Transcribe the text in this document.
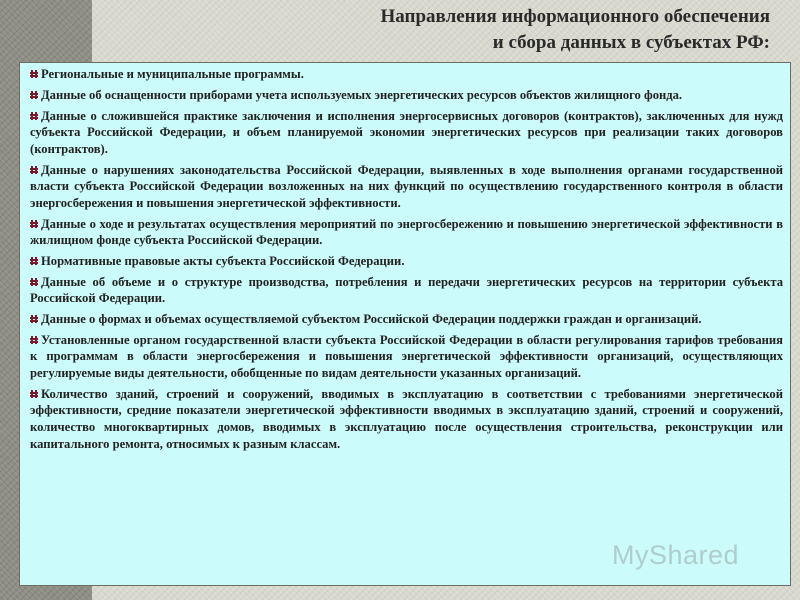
Направления информационного обеспечения
и сбора данных в субъектах РФ:

Региональные и муниципальные программы.

Данные об оснащенности приборами учета используемых энергетических ресурсов объектов жилищного фонда.

Данные о сложившейся практике заключения и исполнения энергосервисных договоров (контрактов), заключенных для нужд субъекта Российской Федерации, и объем планируемой экономии энергетических ресурсов при реализации таких договоров (контрактов).

Данные о нарушениях законодательства Российской Федерации, выявленных в ходе выполнения органами государственной власти субъекта Российской Федерации возложенных на них функций по осуществлению государственного контроля в области энергосбережения и повышения энергетической эффективности.

Данные о ходе и результатах осуществления мероприятий по энергосбережению и повышению энергетической эффективности в жилищном фонде субъекта Российской Федерации.

Нормативные правовые акты субъекта Российской Федерации.

Данные об объеме и о структуре производства, потребления и передачи энергетических ресурсов на территории субъекта Российской Федерации.

Данные о формах и объемах осуществляемой субъектом Российской Федерации поддержки граждан и организаций.

Установленные органом государственной власти субъекта Российской Федерации в области регулирования тарифов требования к программам в области энергосбережения и повышения энергетической эффективности организаций, осуществляющих регулируемые виды деятельности, обобщенные по видам деятельности указанных организаций.

Количество зданий, строений и сооружений, вводимых в эксплуатацию в соответствии с требованиями энергетической эффективности, средние показатели энергетической эффективности вводимых в эксплуатацию зданий, строений и сооружений, количество многоквартирных домов, вводимых в эксплуатацию после осуществления строительства, реконструкции или капитального ремонта, относимых к разным классам.

MyShared
